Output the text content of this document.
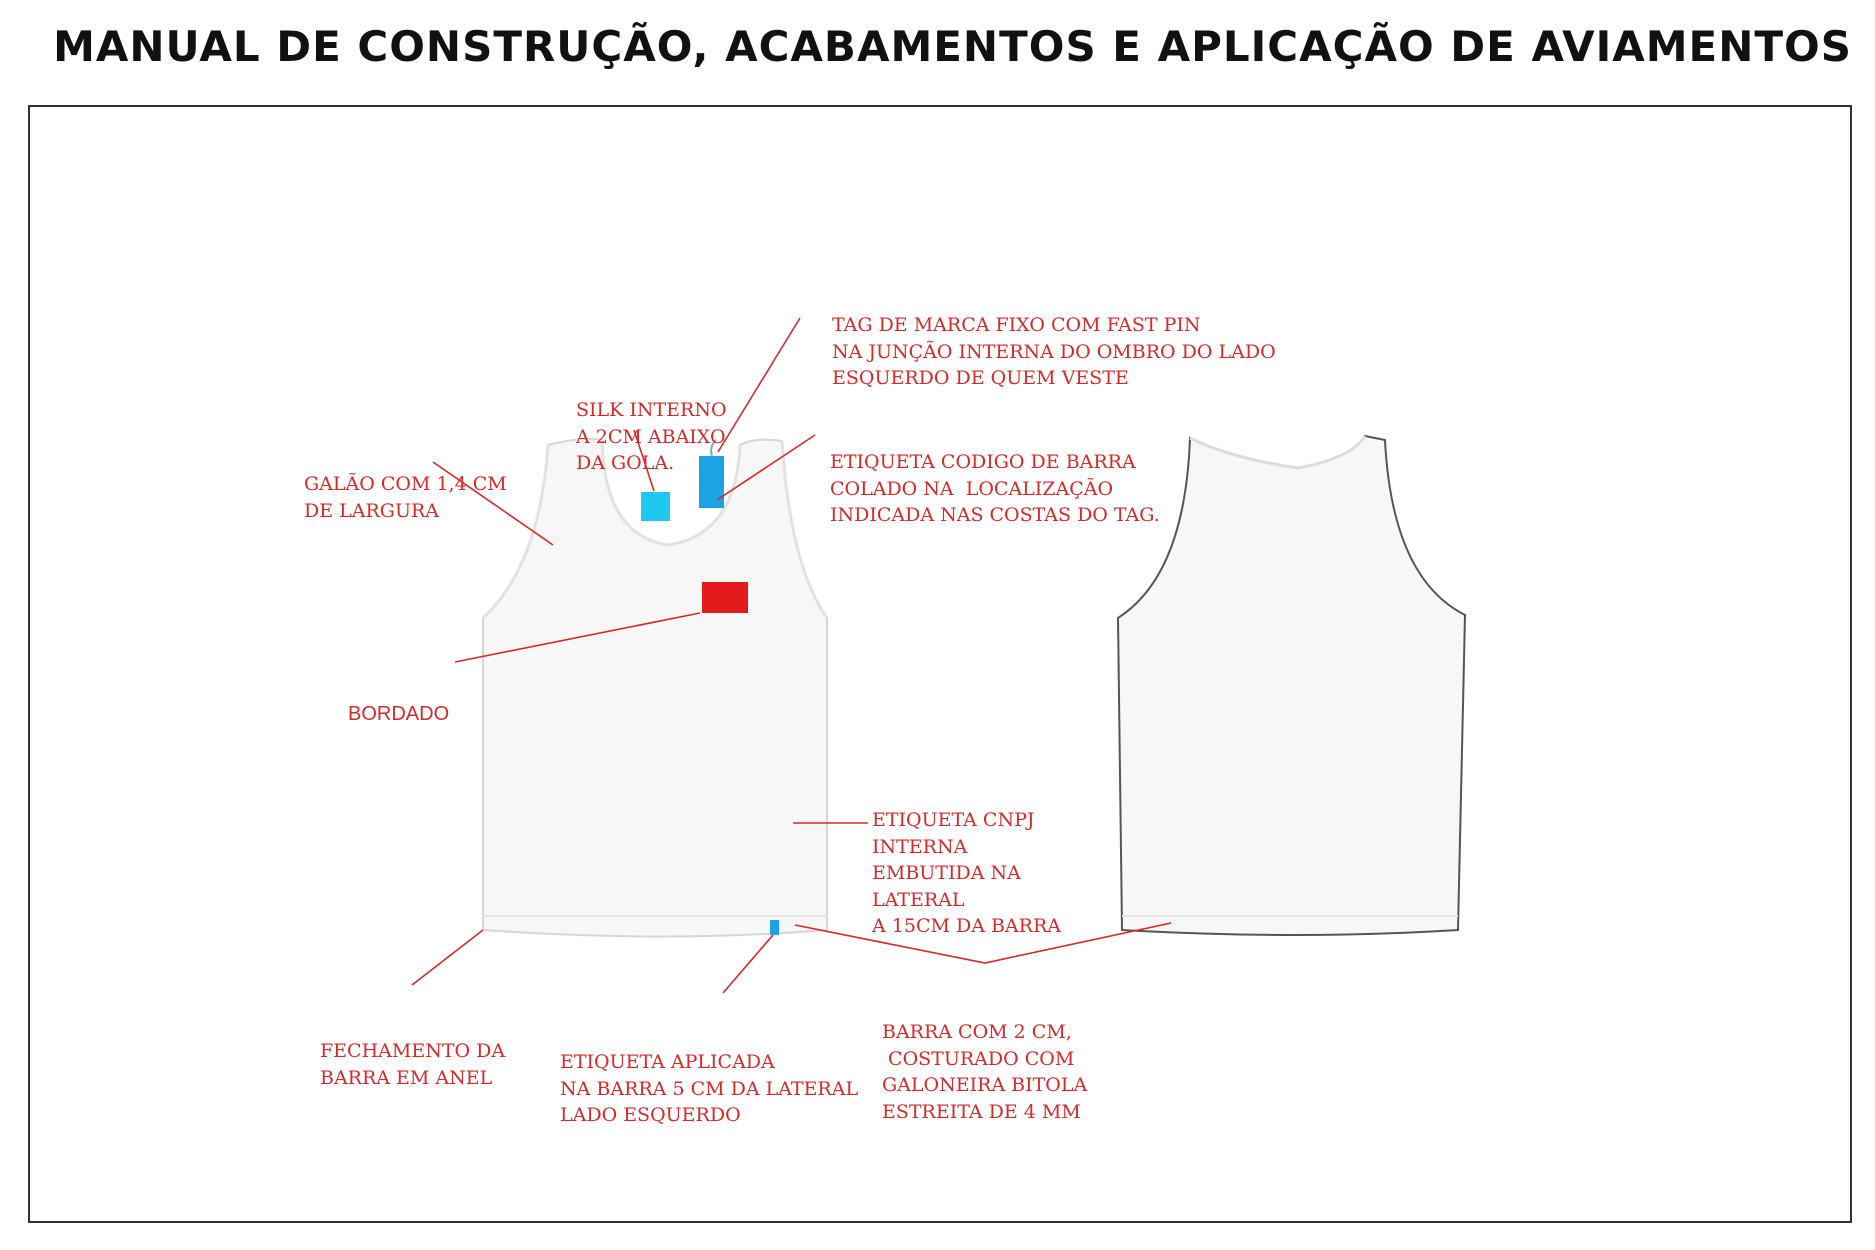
MANUAL DE CONSTRUÇÃO, ACABAMENTOS E APLICAÇÃO DE AVIAMENTOS

TAG DE MARCA FIXO COM FAST PIN
NA JUNÇÃO INTERNA DO OMBRO DO LADO
ESQUERDO DE QUEM VESTE

SILK INTERNO
A 2CM ABAIXO
DA GOLA.

GALÃO COM 1,4 CM
DE LARGURA

ETIQUETA CODIGO DE BARRA
COLADO NA  LOCALIZAÇÃO
INDICADA NAS COSTAS DO TAG.

BORDADO

ETIQUETA CNPJ
INTERNA
EMBUTIDA NA
LATERAL
A 15CM DA BARRA

FECHAMENTO DA
BARRA EM ANEL

ETIQUETA APLICADA
NA BARRA 5 CM DA LATERAL
LADO ESQUERDO

BARRA COM 2 CM,
COSTURADO COM
GALONEIRA BITOLA
ESTREITA DE 4 MM
